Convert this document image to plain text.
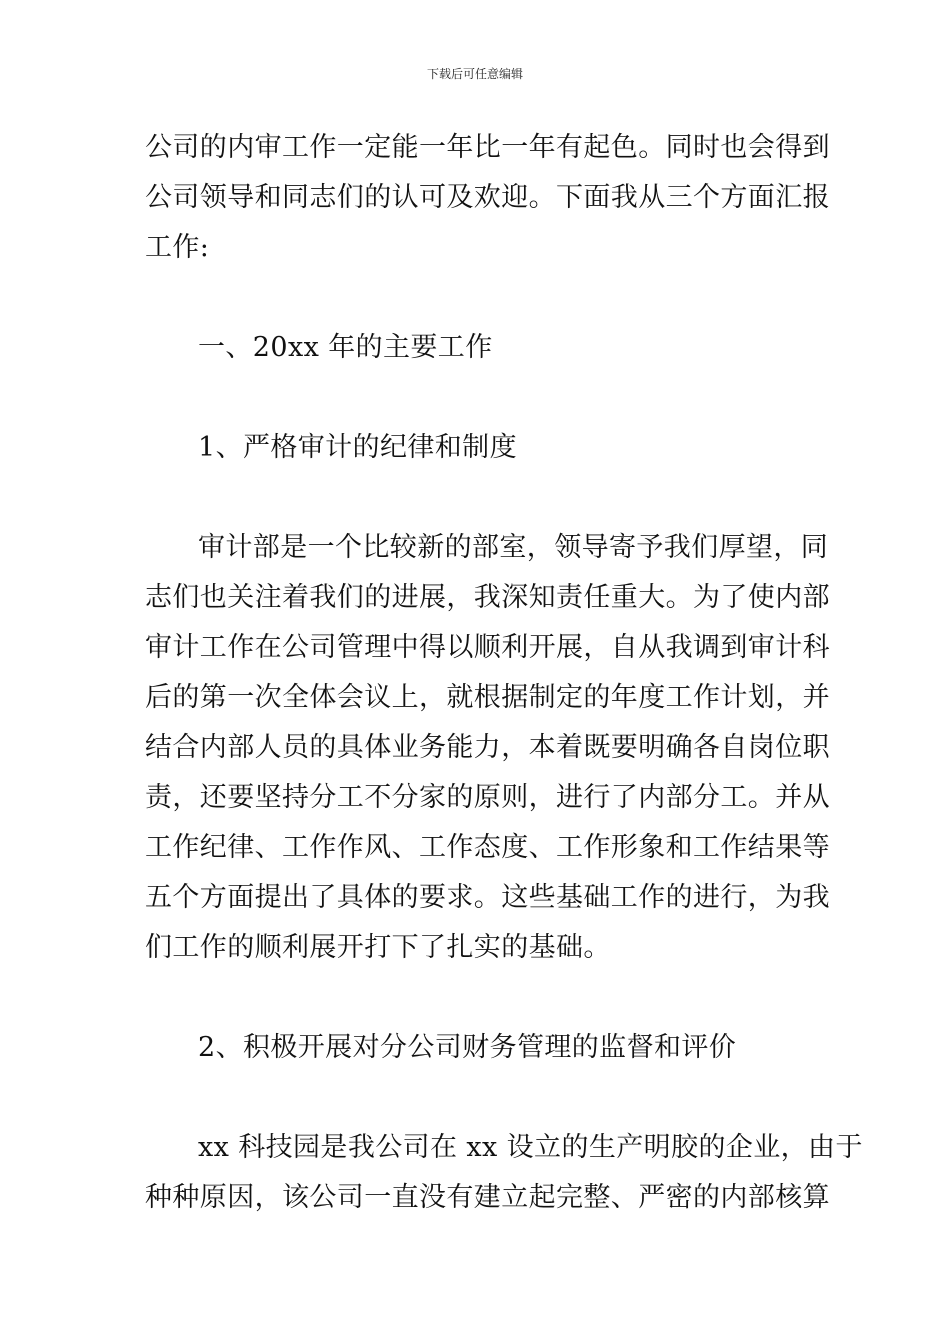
下载后可任意编辑
公司的内审工作一定能一年比一年有起色。同时也会得到
公司领导和同志们的认可及欢迎。下面我从三个方面汇报
工作:
一、20xx 年的主要工作
1、严格审计的纪律和制度
审计部是一个比较新的部室，领导寄予我们厚望，同
志们也关注着我们的进展，我深知责任重大。为了使内部
审计工作在公司管理中得以顺利开展，自从我调到审计科
后的第一次全体会议上，就根据制定的年度工作计划，并
结合内部人员的具体业务能力，本着既要明确各自岗位职
责，还要坚持分工不分家的原则，进行了内部分工。并从
工作纪律、工作作风、工作态度、工作形象和工作结果等
五个方面提出了具体的要求。这些基础工作的进行，为我
们工作的顺利展开打下了扎实的基础。
2、积极开展对分公司财务管理的监督和评价
xx 科技园是我公司在 xx 设立的生产明胶的企业，由于
种种原因，该公司一直没有建立起完整、严密的内部核算
